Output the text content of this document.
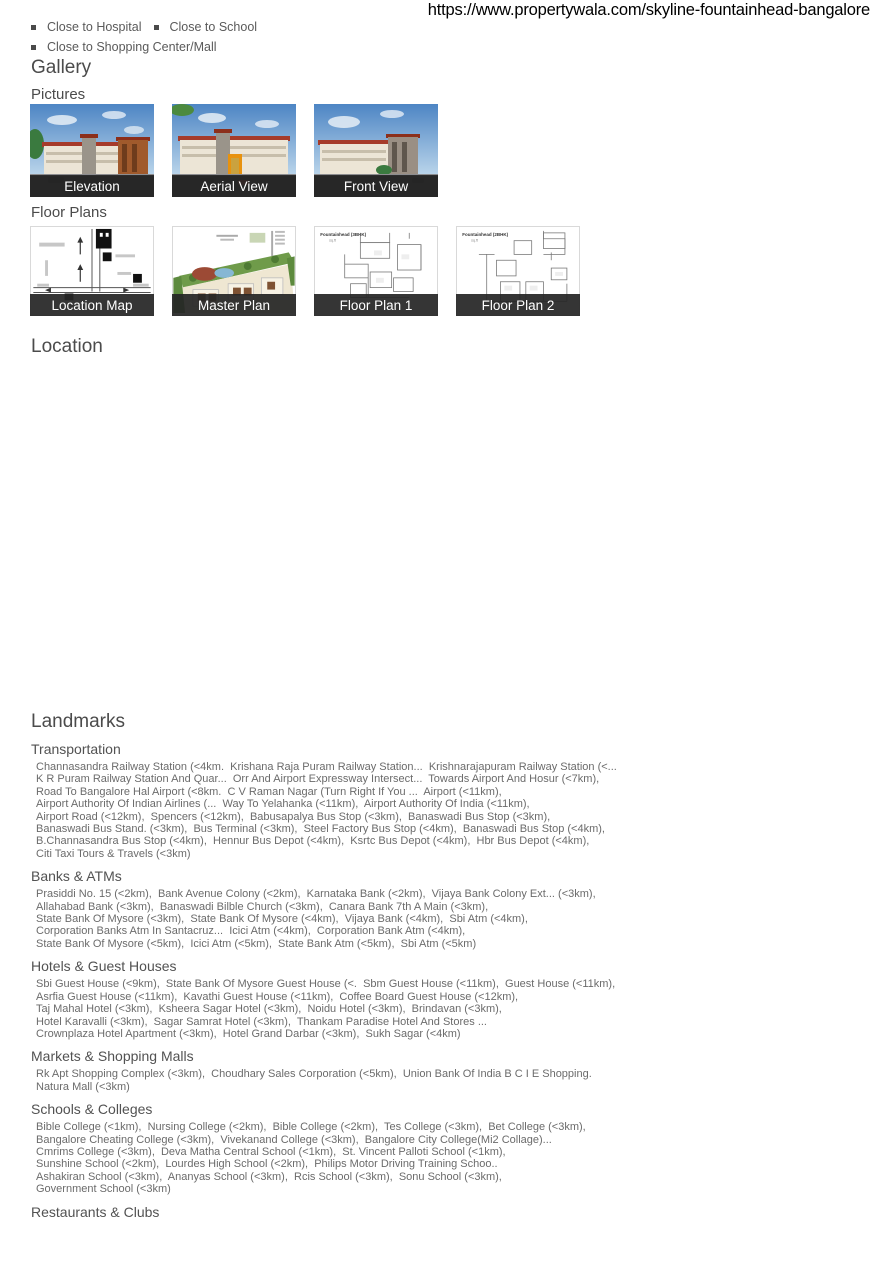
https://www.propertywala.com/skyline-fountainhead-bangalore
Close to Hospital Close to School
Close to Shopping Center/Mall
Gallery
Pictures
Elevation	Aerial View	Front View
Floor Plans
Location Map	Master Plan
Fountainhead (3BHK)
sq.ft
Floor Plan 1
Fountainhead (2BHK)
sq.ft
Floor Plan 2
Location
Landmarks
Transportation
Channasandra Railway Station (<4km.  Krishana Raja Puram Railway Station...  Krishnarajapuram Railway Station (<...
K R Puram Railway Station And Quar...  Orr And Airport Expressway Intersect...  Towards Airport And Hosur (<7km),
Road To Bangalore Hal Airport (<8km.  C V Raman Nagar (Turn Right If You ...  Airport (<11km),
Airport Authority Of Indian Airlines (...  Way To Yelahanka (<11km),  Airport Authority Of India (<11km),
Airport Road (<12km),  Spencers (<12km),  Babusapalya Bus Stop (<3km),  Banaswadi Bus Stop (<3km),
Banaswadi Bus Stand. (<3km),  Bus Terminal (<3km),  Steel Factory Bus Stop (<4km),  Banaswadi Bus Stop (<4km),
B.Channasandra Bus Stop (<4km),  Hennur Bus Depot (<4km),  Ksrtc Bus Depot (<4km),  Hbr Bus Depot (<4km),
Citi Taxi Tours & Travels (<3km)
Banks & ATMs
Prasiddi No. 15 (<2km),  Bank Avenue Colony (<2km),  Karnataka Bank (<2km),  Vijaya Bank Colony Ext... (<3km),
Allahabad Bank (<3km),  Banaswadi Bilble Church (<3km),  Canara Bank 7th A Main (<3km),
State Bank Of Mysore (<3km),  State Bank Of Mysore (<4km),  Vijaya Bank (<4km),  Sbi Atm (<4km),
Corporation Banks Atm In Santacruz...  Icici Atm (<4km),  Corporation Bank Atm (<4km),
State Bank Of Mysore (<5km),  Icici Atm (<5km),  State Bank Atm (<5km),  Sbi Atm (<5km)
Hotels & Guest Houses
Sbi Guest House (<9km),  State Bank Of Mysore Guest House (<.  Sbm Guest House (<11km),  Guest House (<11km),
Asrfia Guest House (<11km),  Kavathi Guest House (<11km),  Coffee Board Guest House (<12km),
Taj Mahal Hotel (<3km),  Ksheera Sagar Hotel (<3km),  Noidu Hotel (<3km),  Brindavan (<3km),
Hotel Karavalli (<3km),  Sagar Samrat Hotel (<3km),  Thankam Paradise Hotel And Stores ...
Crownplaza Hotel Apartment (<3km),  Hotel Grand Darbar (<3km),  Sukh Sagar (<4km)
Markets & Shopping Malls
Rk Apt Shopping Complex (<3km),  Choudhary Sales Corporation (<5km),  Union Bank Of India B C I E Shopping.
Natura Mall (<3km)
Schools & Colleges
Bible College (<1km),  Nursing College (<2km),  Bible College (<2km),  Tes College (<3km),  Bet College (<3km),
Bangalore Cheating College (<3km),  Vivekanand College (<3km),  Bangalore City College(Mi2 Collage)...
Cmrims College (<3km),  Deva Matha Central School (<1km),  St. Vincent Palloti School (<1km),
Sunshine School (<2km),  Lourdes High School (<2km),  Philips Motor Driving Training Schoo..
Ashakiran School (<3km),  Ananyas School (<3km),  Rcis School (<3km),  Sonu School (<3km),
Government School (<3km)
Restaurants & Clubs
